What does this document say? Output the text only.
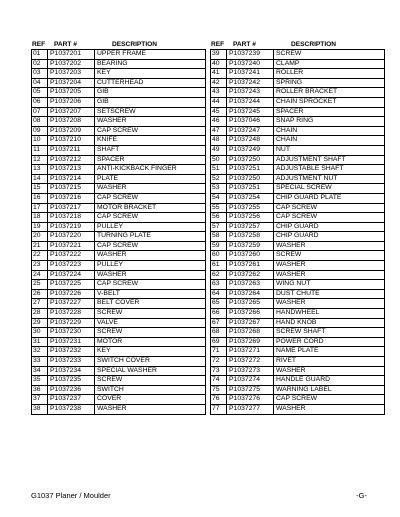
REF	PART #	DESCRIPTION
01	P1037201	UPPER FRAME
02	P1037202	BEARING
03	P1037203	KEY
04	P1037204	CUTTERHEAD
05	P1037205	GIB
06	P1037206	GIB
07	P1037207	SETSCREW
08	P1037208	WASHER
09	P1037209	CAP SCREW
10	P1037210	KNIFE
11	P1037211	SHAFT
12	P1037212	SPACER
13	P1037213	ANTI-KICKBACK FINGER
14	P1037214	PLATE
15	P1037215	WASHER
16	P1037216	CAP SCREW
17	P1037217	MOTOR BRACKET
18	P1037218	CAP SCREW
19	P1037219	PULLEY
20	P1037220	TURNING PLATE
21	P1037221	CAP SCREW
22	P1037222	WASHER
23	P1037223	PULLEY
24	P1037224	WASHER
25	P1037225	CAP SCREW
26	P1037226	V-BELT
27	P1037227	BELT COVER
28	P1037228	SCREW
29	P1037229	VALVE
30	P1037230	SCREW
31	P1037231	MOTOR
32	P1037232	KEY
33	P1037233	SWITCH COVER
34	P1037234	SPECIAL WASHER
35	P1037235	SCREW
36	P1037236	SWITCH
37	P1037237	COVER
38	P1037238	WASHER
REF	PART #	DESCRIPTION
39	P1037239	SCREW
40	P1037240	CLAMP
41	P1037241	ROLLER
42	P1037242	SPRING
43	P1037243	ROLLER BRACKET
44	P1037244	CHAIN SPROCKET
45	P1037245	SPACER
46	P1037046	SNAP RING
47	P1037247	CHAIN
48	P1037248	CHAIN
49	P1037249	NUT
50	P1037250	ADJUSTMENT SHAFT
51	P1037251	ADJUSTABLE SHAFT
52	P1037250	ADJUSTMENT NUT
53	P1037251	SPECIAL SCREW
54	P1037254	CHIP GUARD PLATE
55	P1037255	CAP SCREW
56	P1037256	CAP SCREW
57	P1037257	CHIP GUARD
58	P1037258	CHIP GUARD
59	P1037259	WASHER
60	P1037260	SCREW
61	P1037261	WASHER
62	P1037262	WASHER
63	P1037263	WING NUT
64	P1037264	DUST CHUTE
65	P1037265	WASHER
66	P1037266	HANDWHEEL
67	P1037267	HAND KNOB
68	P1037268	SCREW SHAFT
69	P1037269	POWER CORD
71	P1037271	NAME PLATE
72	P1037272	RIVET
73	P1037273	WASHER
74	P1037274	HANDLE GUARD
75	P1037275	WARNING LABEL
76	P1037276	CAP SCREW
77	P1037277	WASHER
G1037 Planer / Moulder	-G-
